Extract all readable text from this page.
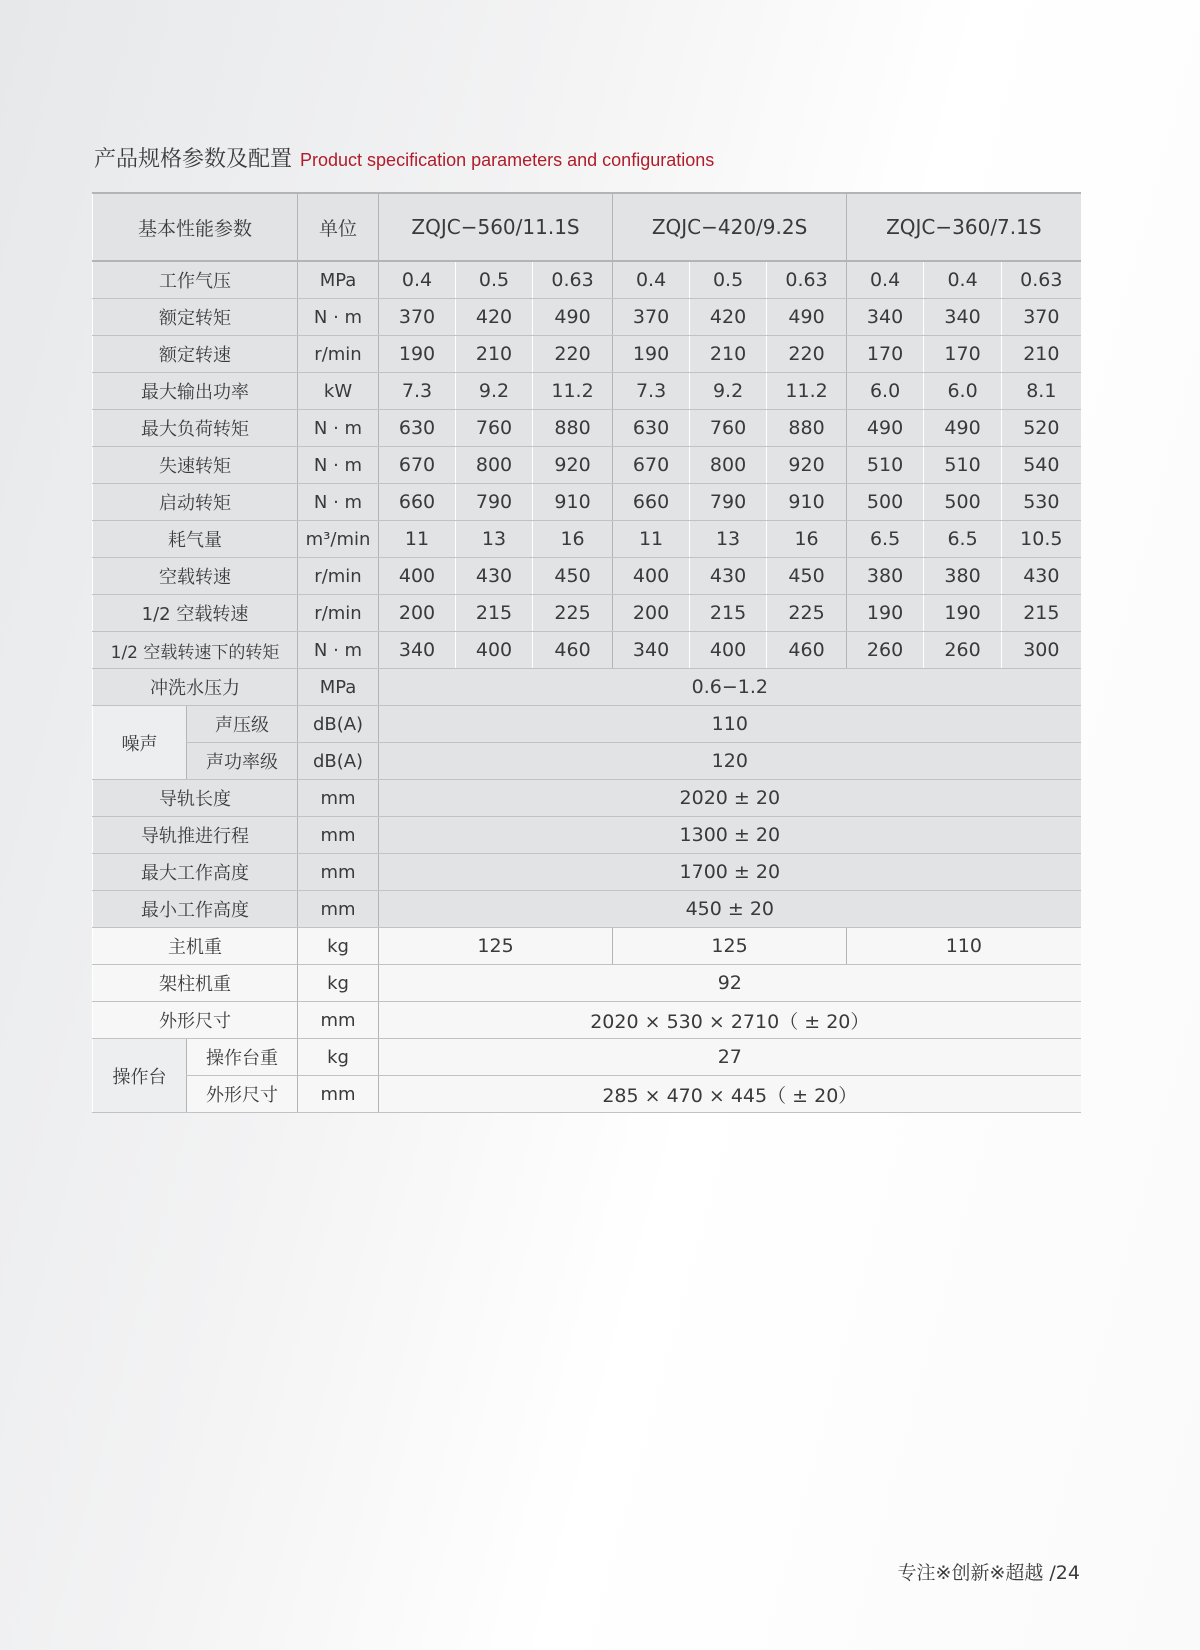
产品规格参数及配置 Product specification parameters and configurations
基本性能参数		单位	ZQJC−560/11.1S			ZQJC−420/9.2S			ZQJC−360/7.1S		
工作气压		MPa	0.4	0.5	0.63	0.4	0.5	0.63	0.4	0.4	0.63
额定转矩		N · m	370	420	490	370	420	490	340	340	370
额定转速		r/min	190	210	220	190	210	220	170	170	210
最大输出功率		kW	7.3	9.2	11.2	7.3	9.2	11.2	6.0	6.0	8.1
最大负荷转矩		N · m	630	760	880	630	760	880	490	490	520
失速转矩		N · m	670	800	920	670	800	920	510	510	540
启动转矩		N · m	660	790	910	660	790	910	500	500	530
耗气量		m³/min	11	13	16	11	13	16	6.5	6.5	10.5
空载转速		r/min	400	430	450	400	430	450	380	380	430
1/2 空载转速		r/min	200	215	225	200	215	225	190	190	215
1/2 空载转速下的转矩		N · m	340	400	460	340	400	460	260	260	300
冲洗水压力		MPa	0.6−1.2								
噪声	声压级	dB(A)	110								
	声功率级	dB(A)	120								
导轨长度		mm	2020 ± 20								
导轨推进行程		mm	1300 ± 20								
最大工作高度		mm	1700 ± 20								
最小工作高度		mm	450 ± 20								
主机重		kg	125			125			110		
架柱机重		kg	92								
外形尺寸		mm	2020 × 530 × 2710（ ± 20）								
操作台	操作台重	kg	27								
	外形尺寸	mm	285 × 470 × 445（ ± 20）								
专注※创新※超越 /24
